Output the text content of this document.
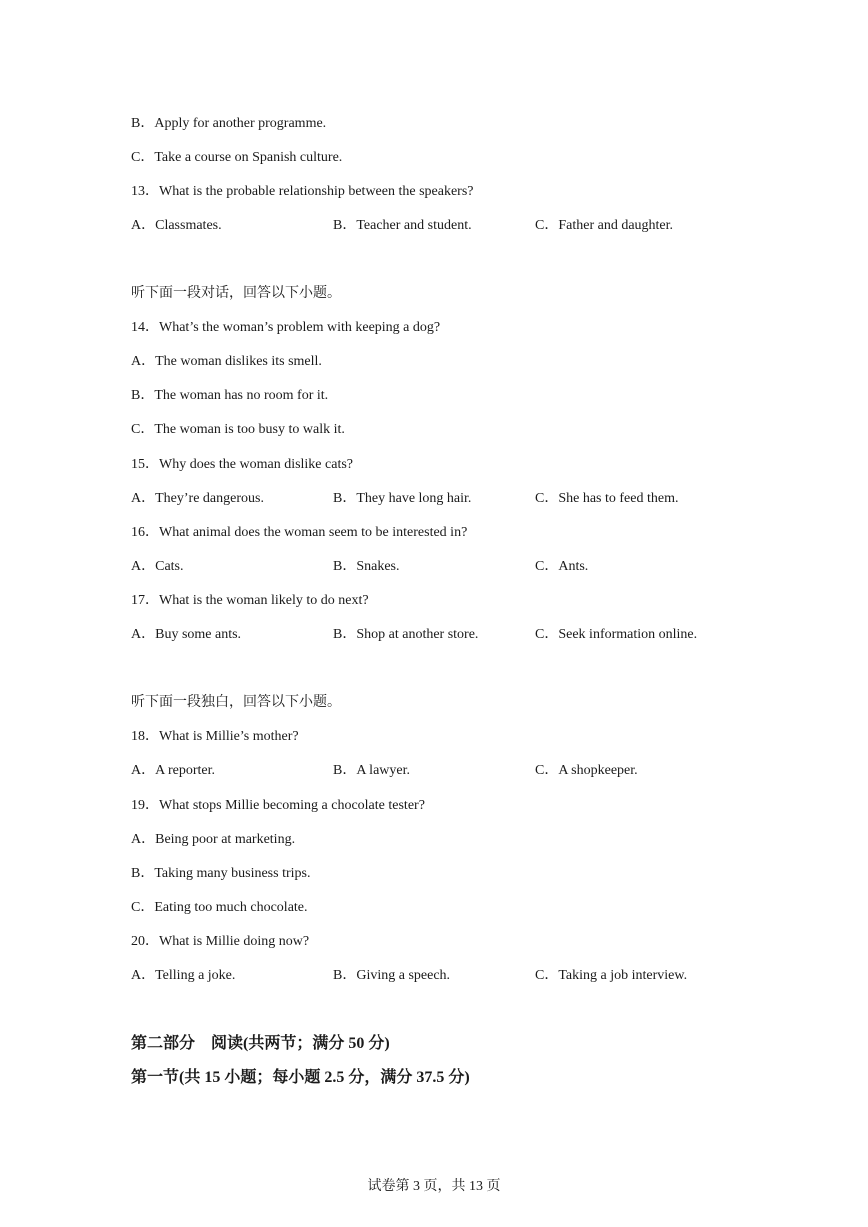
B．Apply for another programme.
C．Take a course on Spanish culture.
13．What is the probable relationship between the speakers?
A．Classmates.	B．Teacher and student.	C．Father and daughter.
听下面一段对话，回答以下小题。
14．What’s the woman’s problem with keeping a dog?
A．The woman dislikes its smell.
B．The woman has no room for it.
C．The woman is too busy to walk it.
15．Why does the woman dislike cats?
A．They’re dangerous.	B．They have long hair.	C．She has to feed them.
16．What animal does the woman seem to be interested in?
A．Cats.	B．Snakes.	C．Ants.
17．What is the woman likely to do next?
A．Buy some ants.	B．Shop at another store.	C．Seek information online.
听下面一段独白，回答以下小题。
18．What is Millie’s mother?
A．A reporter.	B．A lawyer.	C．A shopkeeper.
19．What stops Millie becoming a chocolate tester?
A．Being poor at marketing.
B．Taking many business trips.
C．Eating too much chocolate.
20．What is Millie doing now?
A．Telling a joke.	B．Giving a speech.	C．Taking a job interview.
第二部分　阅读(共两节；满分 50 分)
第一节(共 15 小题；每小题 2.5 分，满分 37.5 分)
试卷第 3 页，共 13 页
